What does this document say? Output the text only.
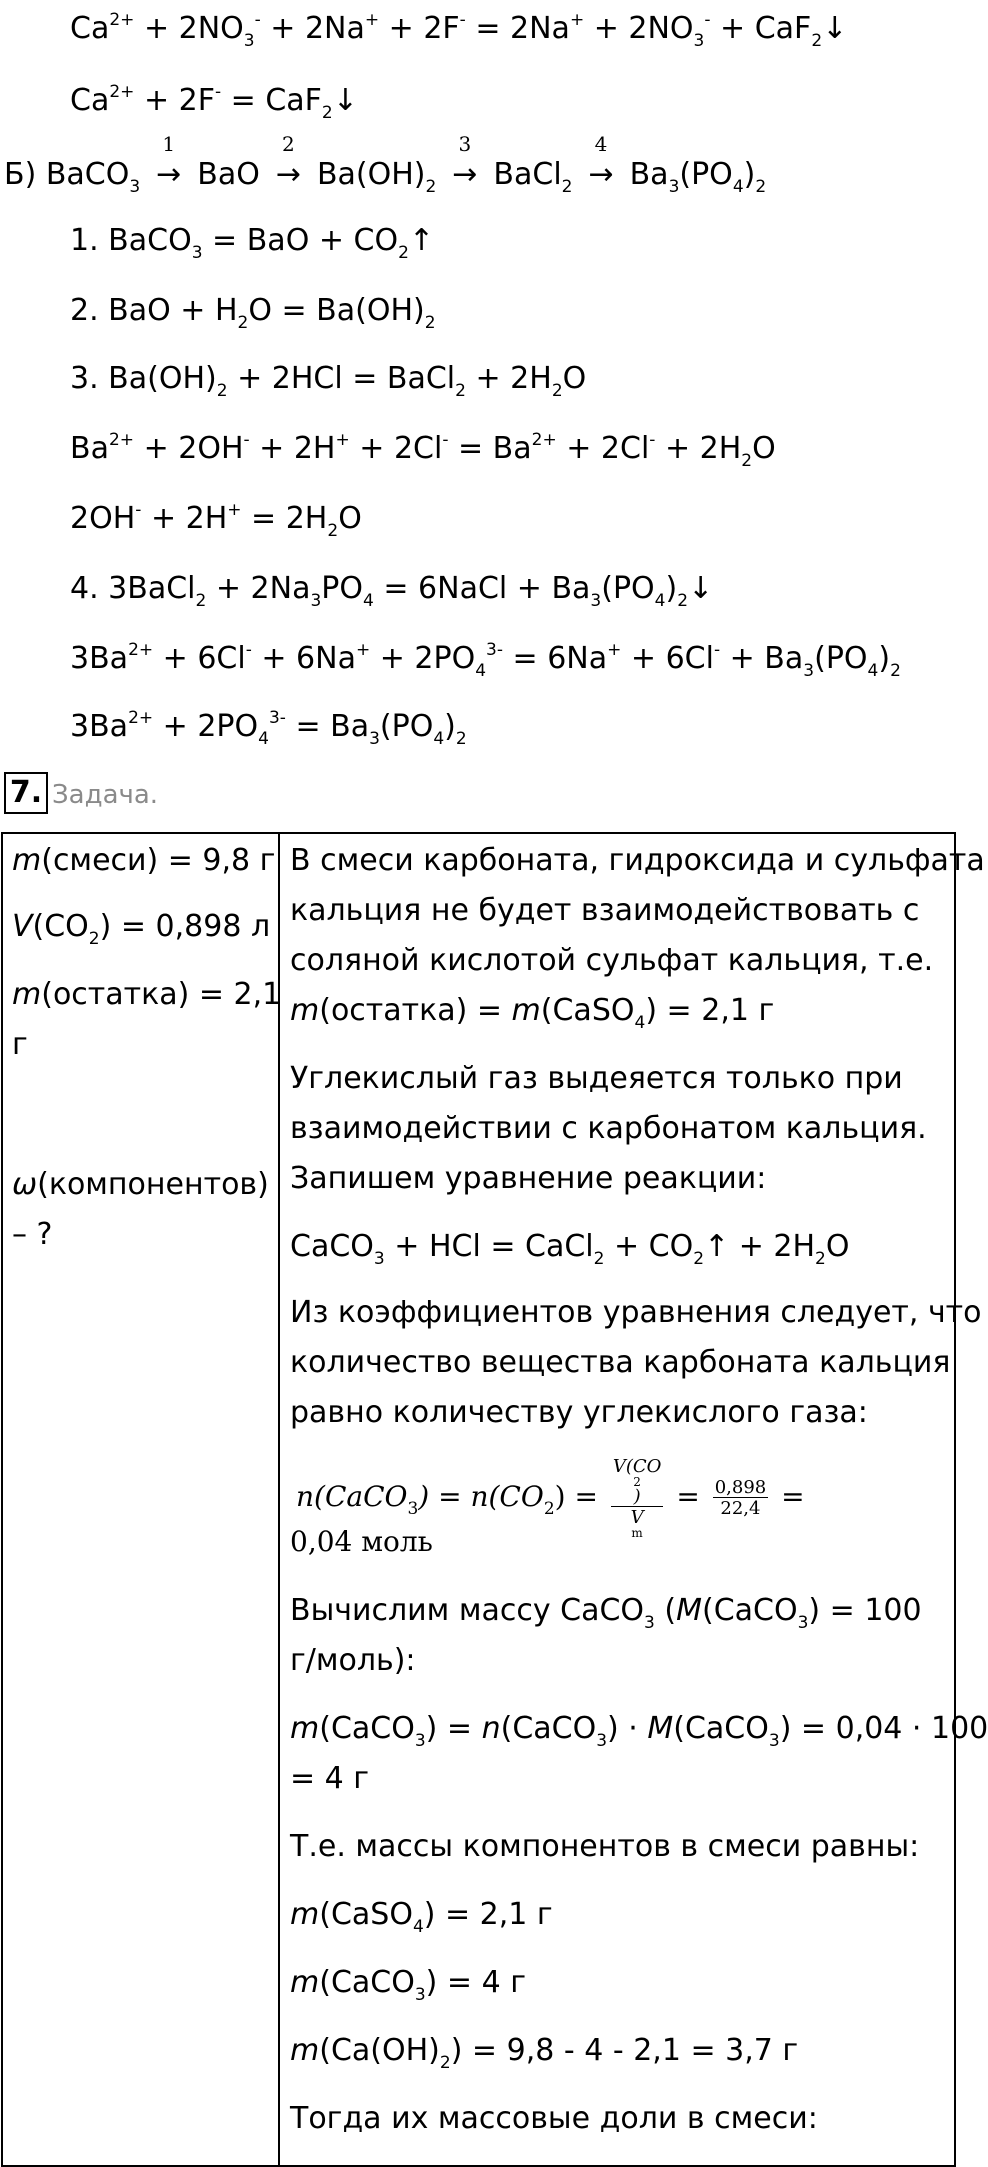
$Ca^{2+} + 2NO_3^- + 2Na^+ + 2F^- = 2Na^+ + 2NO_3^-$ + CaF$_2$↓
$Ca^{2+} + 2F^-$ = CaF$_2$↓
Б) BaCO$_3$
1
→ BaO
2
→ $Ba(OH)_2$
3
→ BaCl$_2$
4
→ $Ba_3(PO_4)_2$
1. BaCO$_3$ = BaO + $CO_2↑$
2. BaO + $H_2O = Ba(OH)_2$
3. $Ba(OH)_2 + 2HCl$ = BaCl$_2$ + $2H_2O$
$Ba^{2+} + 2OH^- + 2H^+ + 2Cl^- = Ba^{2+} + 2Cl^- + 2H_2O$
$2OH^- + 2H^+ = 2H_2O$
4. 3BaCl$_2$ + $2Na_3PO_4$ = 6NaCl + $Ba_3(PO_4)_2↓$
$3Ba^{2+} + 6Cl^- + 6Na^+ + 2PO_4^{3-} = 6Na^+ + 6Cl^- + Ba_3(PO_4)_2$
$3Ba^{2+} + 2PO_4^{3-} = Ba_3(PO_4)_2$
7. Задача.
m(смеси) = 9,8 г
$V(CO_2) = 0,898$ л
m(остатка) = 2,1
г
ω(компонентов)
– ?
В смеси карбоната, гидроксида и сульфата
кальция не будет взаимодействовать с
соляной кислотой сульфат кальция, т.е.
m(остатка) = m(CaSO$_4$) = 2,1 г
Углекислый газ выдеяется только при
взаимодействии с карбонатом кальция.
Запишем уравнение реакции:
CaCO$_3$ + HCl = CaCl$_2$ + $CO_2↑ + 2H_2O$
Из коэффициентов уравнения следует, что
количество вещества карбоната кальция
равно количеству углекислого газа:
n(CaCO$_3$) = $n(CO_2) = V(CO$
2
)
V
$m = \frac{0,898}{22,4}$ =
0,04 моль
Вычислим массу CaCO$_3$ (M(CaCO$_3$) = 100
г/моль):
m(CaCO$_3$) = n(CaCO$_3$) · M(CaCO$_3$) = 0,04 · 100
= 4 г
Т.е. массы компонентов в смеси равны:
m(CaSO$_4$) = 2,1 г
m(CaCO$_3$) = 4 г
$m(Ca(OH)_2) = 9,8 - 4 - 2,1 = 3,7$ г
Тогда их массовые доли в смеси:
